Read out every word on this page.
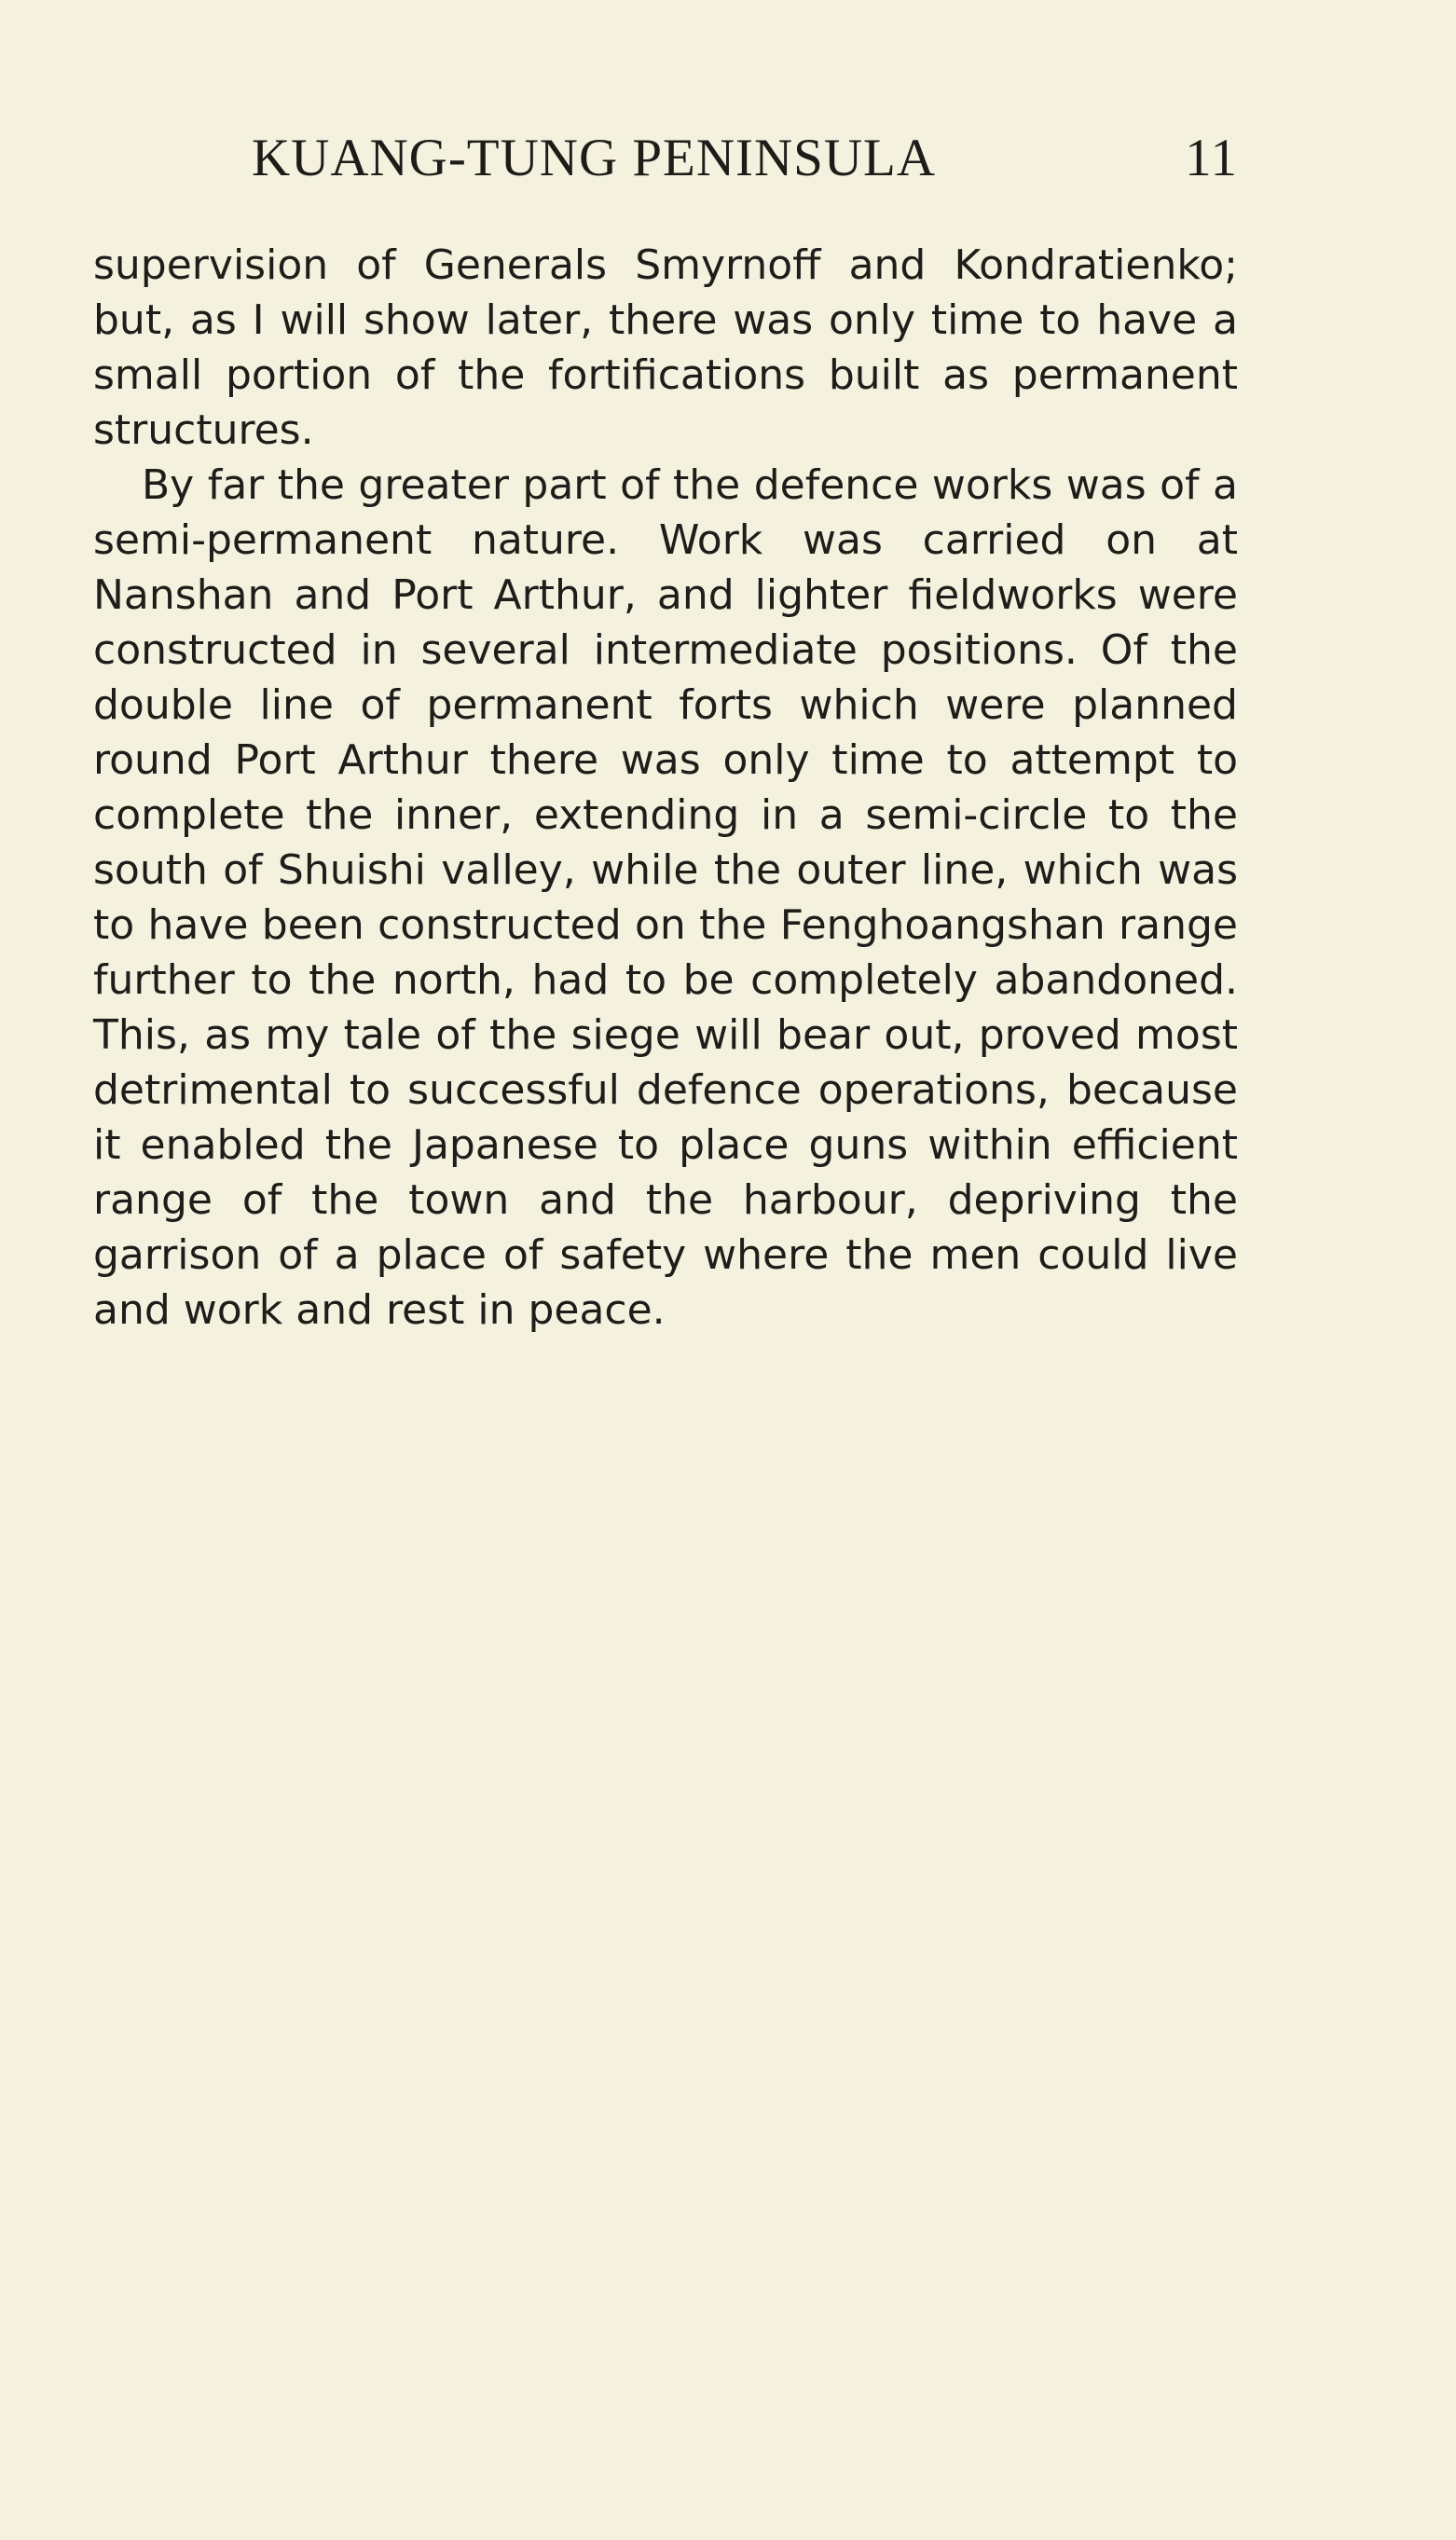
KUANG-TUNG PENINSULA	11

supervision of Generals Smyrnoff and Kondratienko; but, as I will show later, there was only time to have a small portion of the fortifications built as permanent structures.

By far the greater part of the defence works was of a semi-permanent nature. Work was carried on at Nanshan and Port Arthur, and lighter fieldworks were constructed in several intermediate positions. Of the double line of permanent forts which were planned round Port Arthur there was only time to attempt to complete the inner, extending in a semi-circle to the south of Shuishi valley, while the outer line, which was to have been constructed on the Fenghoangshan range further to the north, had to be completely abandoned. This, as my tale of the siege will bear out, proved most detrimental to successful defence operations, because it enabled the Japanese to place guns within efficient range of the town and the harbour, depriving the garrison of a place of safety where the men could live and work and rest in peace.
